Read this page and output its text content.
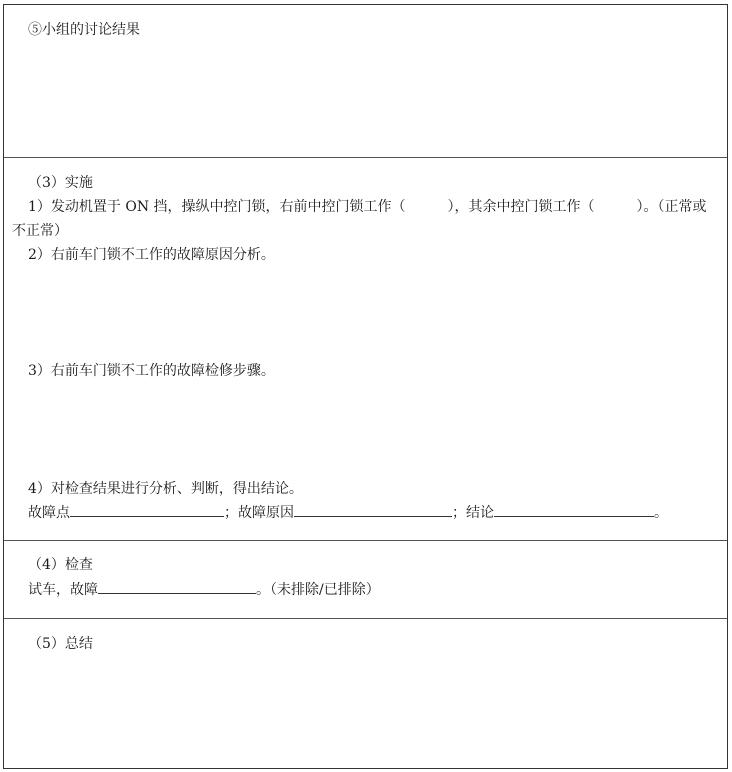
⑤小组的讨论结果
（3）实施
1）发动机置于 ON 挡，操纵中控门锁，右前中控门锁工作（	），其余中控门锁工作（	）。（正常或
不正常）
2）右前车门锁不工作的故障原因分析。
3）右前车门锁不工作的故障检修步骤。
4）对检查结果进行分析、判断，得出结论。
故障点	；故障原因	；结论	。
（4）检查
试车，故障	。（未排除/已排除）
（5）总结
